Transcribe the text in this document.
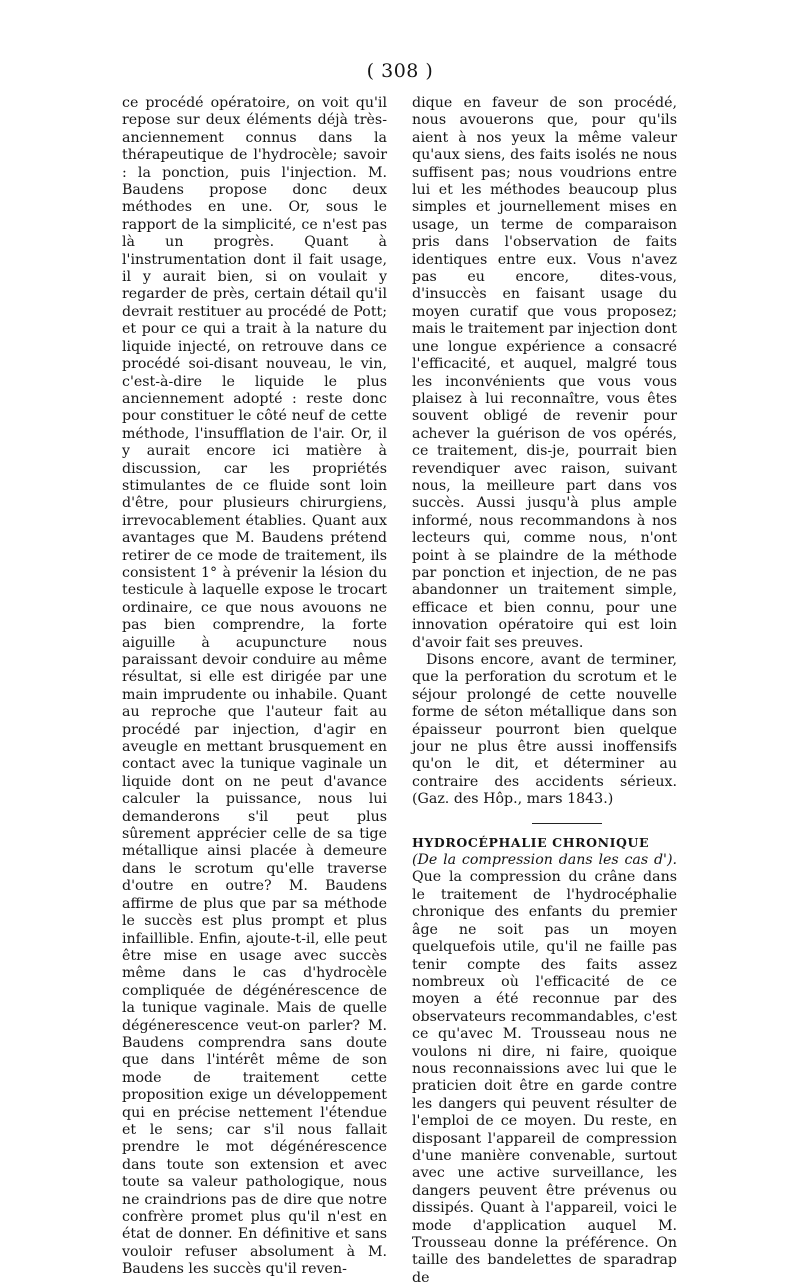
( 308 )

ce procédé opératoire, on voit qu'il repose sur deux éléments déjà très-anciennement connus dans la thérapeutique de l'hydrocèle; savoir : la ponction, puis l'injection. M. Baudens propose donc deux méthodes en une. Or, sous le rapport de la simplicité, ce n'est pas là un progrès. Quant à l'instrumentation dont il fait usage, il y aurait bien, si on voulait y regarder de près, certain détail qu'il devrait restituer au procédé de Pott; et pour ce qui a trait à la nature du liquide injecté, on retrouve dans ce procédé soi-disant nouveau, le vin, c'est-à-dire le liquide le plus anciennement adopté : reste donc pour constituer le côté neuf de cette méthode, l'insufflation de l'air. Or, il y aurait encore ici matière à discussion, car les propriétés stimulantes de ce fluide sont loin d'être, pour plusieurs chirurgiens, irrevocablement établies. Quant aux avantages que M. Baudens prétend retirer de ce mode de traitement, ils consistent 1° à prévenir la lésion du testicule à laquelle expose le trocart ordinaire, ce que nous avouons ne pas bien comprendre, la forte aiguille à acupuncture nous paraissant devoir conduire au même résultat, si elle est dirigée par une main imprudente ou inhabile. Quant au reproche que l'auteur fait au procédé par injection, d'agir en aveugle en mettant brusquement en contact avec la tunique vaginale un liquide dont on ne peut d'avance calculer la puissance, nous lui demanderons s'il peut plus sûrement apprécier celle de sa tige métallique ainsi placée à demeure dans le scrotum qu'elle traverse d'outre en outre? M. Baudens affirme de plus que par sa méthode le succès est plus prompt et plus infaillible. Enfin, ajoute-t-il, elle peut être mise en usage avec succès même dans le cas d'hydrocèle compliquée de dégénérescence de la tunique vaginale. Mais de quelle dégénerescence veut-on parler? M. Baudens comprendra sans doute que dans l'intérêt même de son mode de traitement cette proposition exige un développement qui en précise nettement l'étendue et le sens; car s'il nous fallait prendre le mot dégénérescence dans toute son extension et avec toute sa valeur pathologique, nous ne craindrions pas de dire que notre confrère promet plus qu'il n'est en état de donner. En définitive et sans vouloir refuser absolument à M. Baudens les succès qu'il reven-

dique en faveur de son procédé, nous avouerons que, pour qu'ils aient à nos yeux la même valeur qu'aux siens, des faits isolés ne nous suffisent pas; nous voudrions entre lui et les méthodes beaucoup plus simples et journellement mises en usage, un terme de comparaison pris dans l'observation de faits identiques entre eux. Vous n'avez pas eu encore, dites-vous, d'insuccès en faisant usage du moyen curatif que vous proposez; mais le traitement par injection dont une longue expérience a consacré l'efficacité, et auquel, malgré tous les inconvénients que vous vous plaisez à lui reconnaître, vous êtes souvent obligé de revenir pour achever la guérison de vos opérés, ce traitement, dis-je, pourrait bien revendiquer avec raison, suivant nous, la meilleure part dans vos succès. Aussi jusqu'à plus ample informé, nous recommandons à nos lecteurs qui, comme nous, n'ont point à se plaindre de la méthode par ponction et injection, de ne pas abandonner un traitement simple, efficace et bien connu, pour une innovation opératoire qui est loin d'avoir fait ses preuves.

Disons encore, avant de terminer, que la perforation du scrotum et le séjour prolongé de cette nouvelle forme de séton métallique dans son épaisseur pourront bien quelque jour ne plus être aussi inoffensifs qu'on le dit, et déterminer au contraire des accidents sérieux. (Gaz. des Hôp., mars 1843.)

HYDROCÉPHALIE CHRONIQUE

(De la compression dans les cas d'). Que la compression du crâne dans le traitement de l'hydrocéphalie chronique des enfants du premier âge ne soit pas un moyen quelquefois utile, qu'il ne faille pas tenir compte des faits assez nombreux où l'efficacité de ce moyen a été reconnue par des observateurs recommandables, c'est ce qu'avec M. Trousseau nous ne voulons ni dire, ni faire, quoique nous reconnaissions avec lui que le praticien doit être en garde contre les dangers qui peuvent résulter de l'emploi de ce moyen. Du reste, en disposant l'appareil de compression d'une manière convenable, surtout avec une active surveillance, les dangers peuvent être prévenus ou dissipés. Quant à l'appareil, voici le mode d'application auquel M. Trousseau donne la préférence. On taille des bandelettes de sparadrap de
